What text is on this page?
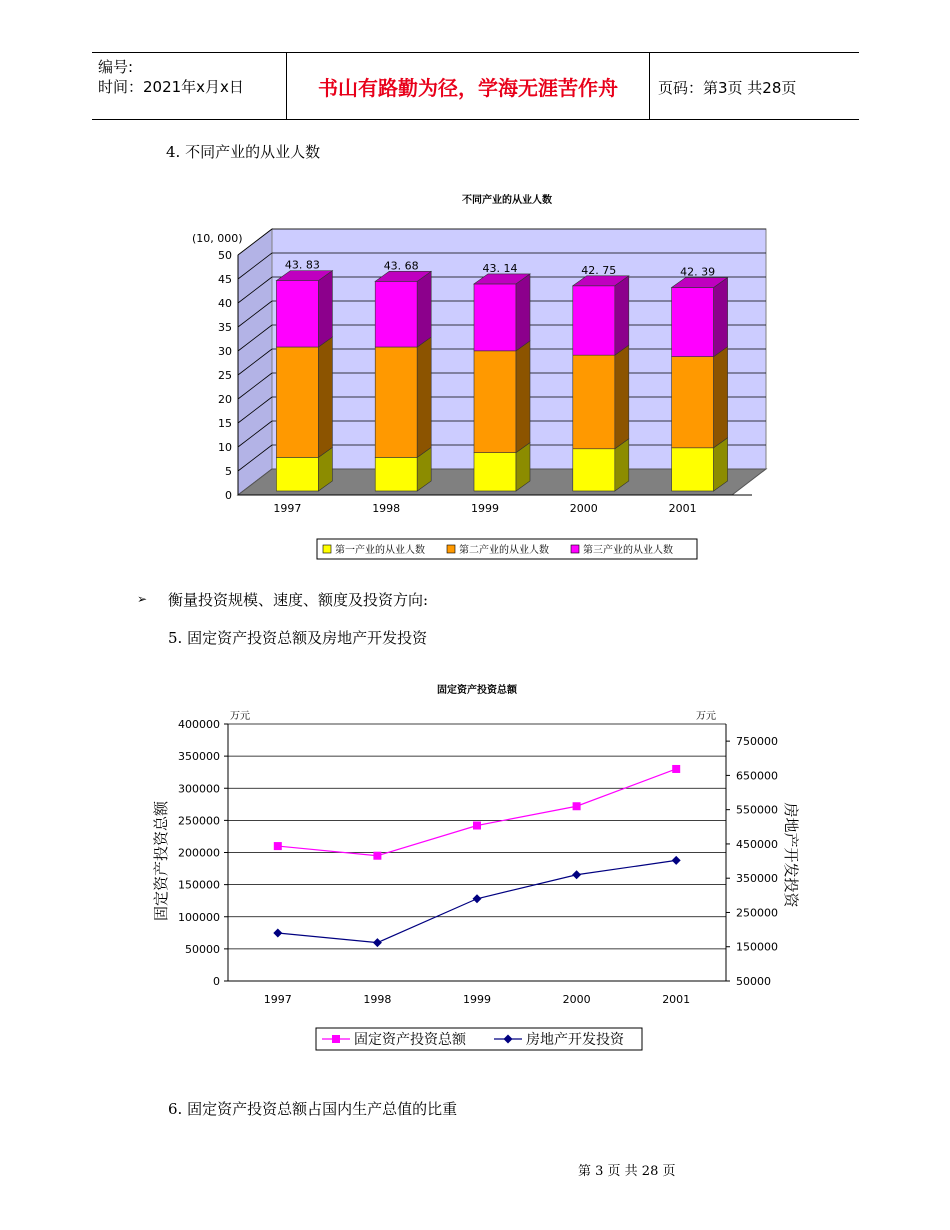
编号:
时间：2021年x月x日	书山有路勤为径，学海无涯苦作舟	页码：第3页 共28页
4. 不同产业的从业人数
不同产业的从业人数
(10, 000)
0
5
10
15
20
25
30
35
40
45
50
43. 83
1997
43. 68
1998
43. 14
1999
42. 75
2000
42. 39
2001
第一产业的从业人数	第二产业的从业人数	第三产业的从业人数
➢ 衡量投资规模、速度、额度及投资方向:
5. 固定资产投资总额及房地产开发投资
固定资产投资总额
万元	万元
固定资产投资总额	房地产开发投资
0
50000
100000
150000
200000
250000
300000
350000
400000
50000
150000
250000
350000
450000
550000
650000
750000
1997	1998	1999	2000	2001
固定资产投资总额	房地产开发投资
6. 固定资产投资总额占国内生产总值的比重
第 3 页 共 28 页
